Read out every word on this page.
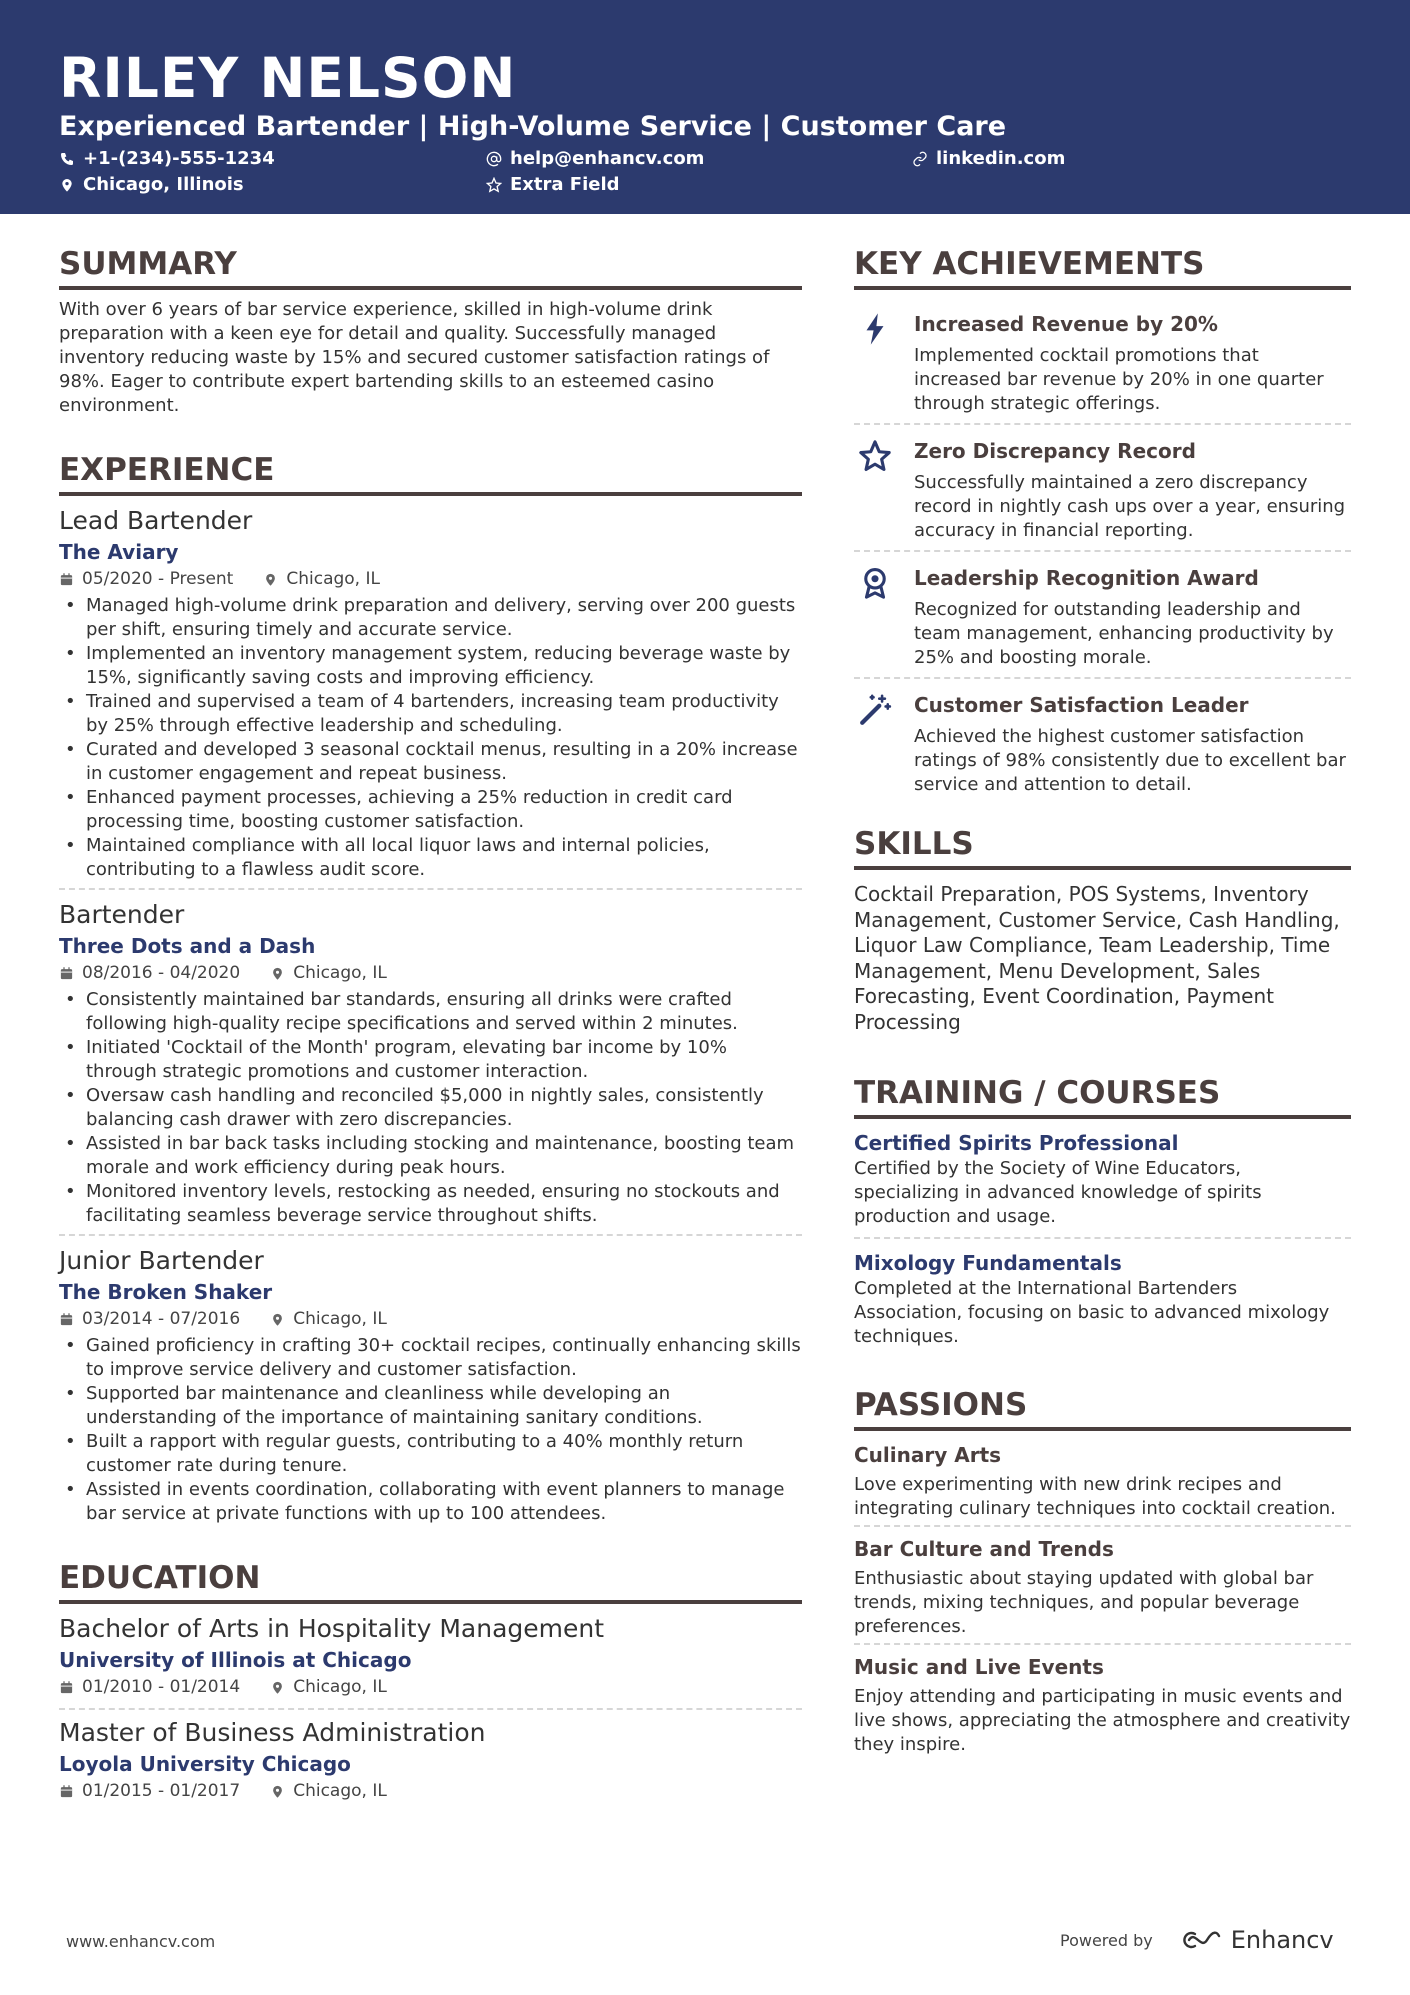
RILEY NELSON
Experienced Bartender | High-Volume Service | Customer Care
+1-(234)-555-1234	help@enhancv.com	linkedin.com
Chicago, Illinois	Extra Field
SUMMARY
With over 6 years of bar service experience, skilled in high-volume drink preparation with a keen eye for detail and quality. Successfully managed inventory reducing waste by 15% and secured customer satisfaction ratings of 98%. Eager to contribute expert bartending skills to an esteemed casino environment.
EXPERIENCE
Lead Bartender
The Aviary
05/2020 - Present	Chicago, IL
• Managed high-volume drink preparation and delivery, serving over 200 guests per shift, ensuring timely and accurate service.
• Implemented an inventory management system, reducing beverage waste by 15%, significantly saving costs and improving efficiency.
• Trained and supervised a team of 4 bartenders, increasing team productivity by 25% through effective leadership and scheduling.
• Curated and developed 3 seasonal cocktail menus, resulting in a 20% increase in customer engagement and repeat business.
• Enhanced payment processes, achieving a 25% reduction in credit card processing time, boosting customer satisfaction.
• Maintained compliance with all local liquor laws and internal policies, contributing to a flawless audit score.
Bartender
Three Dots and a Dash
08/2016 - 04/2020	Chicago, IL
• Consistently maintained bar standards, ensuring all drinks were crafted following high-quality recipe specifications and served within 2 minutes.
• Initiated 'Cocktail of the Month' program, elevating bar income by 10% through strategic promotions and customer interaction.
• Oversaw cash handling and reconciled $5,000 in nightly sales, consistently balancing cash drawer with zero discrepancies.
• Assisted in bar back tasks including stocking and maintenance, boosting team morale and work efficiency during peak hours.
• Monitored inventory levels, restocking as needed, ensuring no stockouts and facilitating seamless beverage service throughout shifts.
Junior Bartender
The Broken Shaker
03/2014 - 07/2016	Chicago, IL
• Gained proficiency in crafting 30+ cocktail recipes, continually enhancing skills to improve service delivery and customer satisfaction.
• Supported bar maintenance and cleanliness while developing an understanding of the importance of maintaining sanitary conditions.
• Built a rapport with regular guests, contributing to a 40% monthly return customer rate during tenure.
• Assisted in events coordination, collaborating with event planners to manage bar service at private functions with up to 100 attendees.
EDUCATION
Bachelor of Arts in Hospitality Management
University of Illinois at Chicago
01/2010 - 01/2014	Chicago, IL
Master of Business Administration
Loyola University Chicago
01/2015 - 01/2017	Chicago, IL
KEY ACHIEVEMENTS
Increased Revenue by 20%
Implemented cocktail promotions that increased bar revenue by 20% in one quarter through strategic offerings.
Zero Discrepancy Record
Successfully maintained a zero discrepancy record in nightly cash ups over a year, ensuring accuracy in financial reporting.
Leadership Recognition Award
Recognized for outstanding leadership and team management, enhancing productivity by 25% and boosting morale.
Customer Satisfaction Leader
Achieved the highest customer satisfaction ratings of 98% consistently due to excellent bar service and attention to detail.
SKILLS
Cocktail Preparation, POS Systems, Inventory Management, Customer Service, Cash Handling, Liquor Law Compliance, Team Leadership, Time Management, Menu Development, Sales Forecasting, Event Coordination, Payment Processing
TRAINING / COURSES
Certified Spirits Professional
Certified by the Society of Wine Educators, specializing in advanced knowledge of spirits production and usage.
Mixology Fundamentals
Completed at the International Bartenders Association, focusing on basic to advanced mixology techniques.
PASSIONS
Culinary Arts
Love experimenting with new drink recipes and integrating culinary techniques into cocktail creation.
Bar Culture and Trends
Enthusiastic about staying updated with global bar trends, mixing techniques, and popular beverage preferences.
Music and Live Events
Enjoy attending and participating in music events and live shows, appreciating the atmosphere and creativity they inspire.
www.enhancv.com	Powered by	Enhancv
